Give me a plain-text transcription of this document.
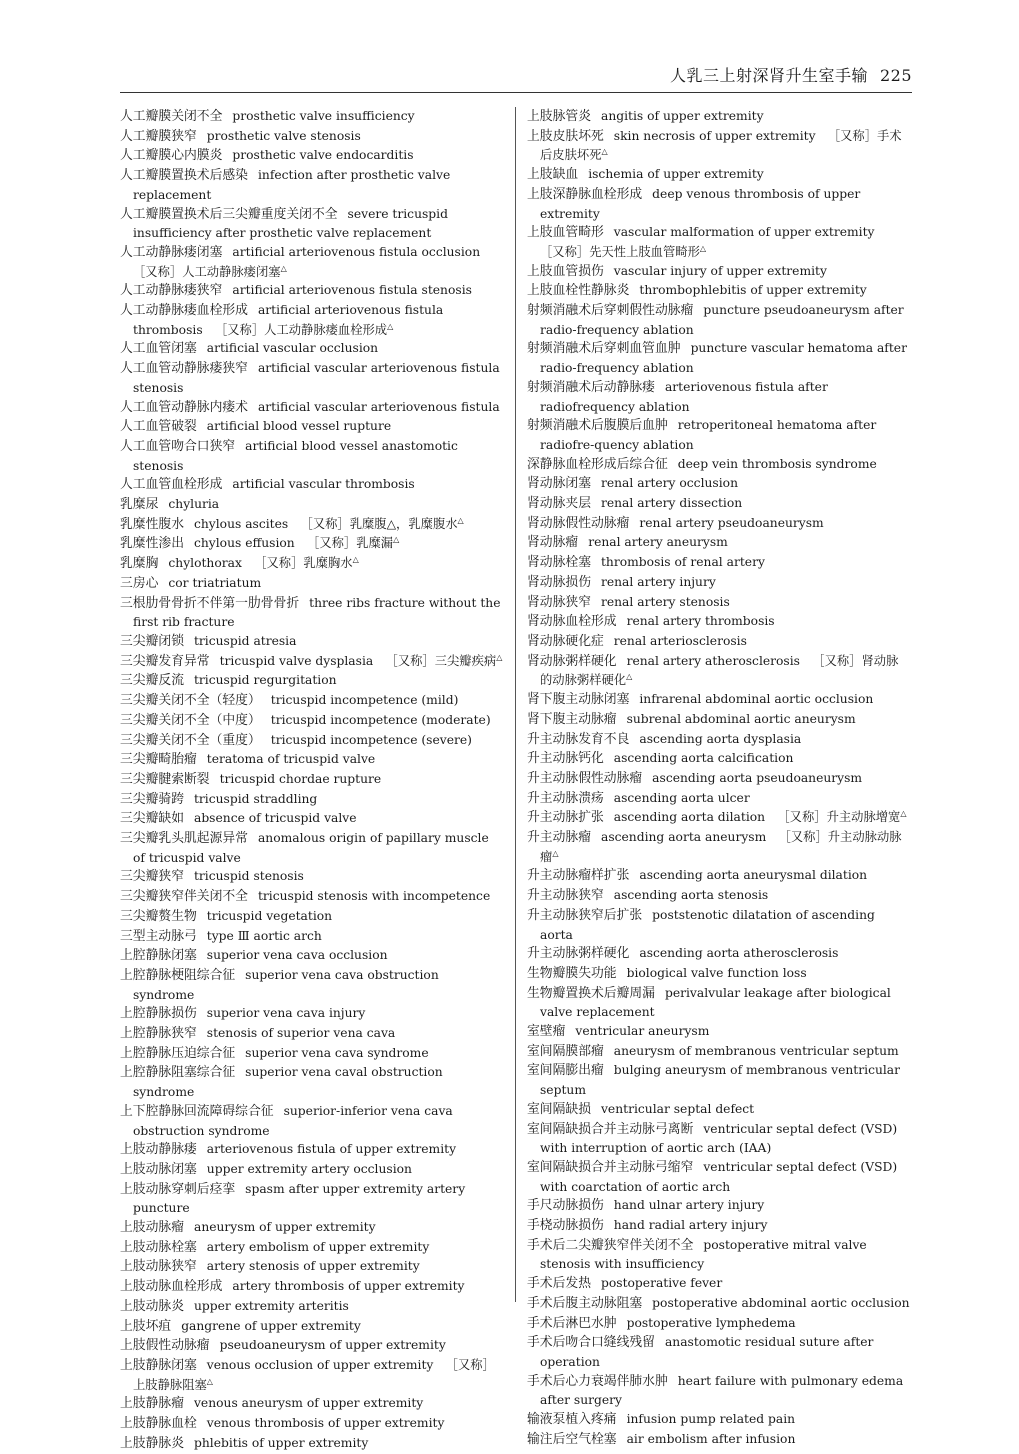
人乳三上射深肾升生室手输 225

人工瓣膜关闭不全 prosthetic valve insufficiency

人工瓣膜狭窄 prosthetic valve stenosis

人工瓣膜心内膜炎 prosthetic valve endocarditis

人工瓣膜置换术后感染 infection after prosthetic valve replacement

人工瓣膜置换术后三尖瓣重度关闭不全 severe tricuspid insufficiency after prosthetic valve replacement

人工动静脉瘘闭塞 artificial arteriovenous fistula occlusion ［又称］人工动静脉瘘闭塞△

人工动静脉瘘狭窄 artificial arteriovenous fistula stenosis

人工动静脉瘘血栓形成 artificial arteriovenous fistula thrombosis  ［又称］人工动静脉瘘血栓形成△

人工血管闭塞 artificial vascular occlusion

人工血管动静脉瘘狭窄 artificial vascular arteriovenous fistula stenosis

人工血管动静脉内瘘术 artificial vascular arteriovenous fistula

人工血管破裂 artificial blood vessel rupture

人工血管吻合口狭窄 artificial blood vessel anastomotic stenosis

人工血管血栓形成 artificial vascular thrombosis

乳糜尿 chyluria

乳糜性腹水 chylous ascites  ［又称］乳糜腹△，乳糜腹水△

乳糜性渗出 chylous effusion  ［又称］乳糜漏△

乳糜胸 chylothorax  ［又称］乳糜胸水△

三房心 cor triatriatum

三根肋骨骨折不伴第一肋骨骨折 three ribs fracture without the first rib fracture

三尖瓣闭锁 tricuspid atresia

三尖瓣发育异常 tricuspid valve dysplasia  ［又称］三尖瓣疾病△

三尖瓣反流 tricuspid regurgitation

三尖瓣关闭不全（轻度） tricuspid incompetence (mild)

三尖瓣关闭不全（中度） tricuspid incompetence (moderate)

三尖瓣关闭不全（重度） tricuspid incompetence (severe)

三尖瓣畸胎瘤 teratoma of tricuspid valve

三尖瓣腱索断裂 tricuspid chordae rupture

三尖瓣骑跨 tricuspid straddling

三尖瓣缺如 absence of tricuspid valve

三尖瓣乳头肌起源异常 anomalous origin of papillary muscle of tricuspid valve

三尖瓣狭窄 tricuspid stenosis

三尖瓣狭窄伴关闭不全 tricuspid stenosis with incompetence

三尖瓣赘生物 tricuspid vegetation

三型主动脉弓 type Ⅲ aortic arch

上腔静脉闭塞 superior vena cava occlusion

上腔静脉梗阻综合征 superior vena cava obstruction syndrome

上腔静脉损伤 superior vena cava injury

上腔静脉狭窄 stenosis of superior vena cava

上腔静脉压迫综合征 superior vena cava syndrome

上腔静脉阻塞综合征 superior vena caval obstruction syndrome

上下腔静脉回流障碍综合征 superior-inferior vena cava obstruction syndrome

上肢动静脉瘘 arteriovenous fistula of upper extremity

上肢动脉闭塞 upper extremity artery occlusion

上肢动脉穿刺后痉挛 spasm after upper extremity artery puncture

上肢动脉瘤 aneurysm of upper extremity

上肢动脉栓塞 artery embolism of upper extremity

上肢动脉狭窄 artery stenosis of upper extremity

上肢动脉血栓形成 artery thrombosis of upper extremity

上肢动脉炎 upper extremity arteritis

上肢坏疽 gangrene of upper extremity

上肢假性动脉瘤 pseudoaneurysm of upper extremity

上肢静脉闭塞 venous occlusion of upper extremity  ［又称］上肢静脉阻塞△

上肢静脉瘤 venous aneurysm of upper extremity

上肢静脉血栓 venous thrombosis of upper extremity

上肢静脉炎 phlebitis of upper extremity

上肢脉管炎 angitis of upper extremity

上肢皮肤坏死 skin necrosis of upper extremity  ［又称］手术后皮肤坏死△

上肢缺血 ischemia of upper extremity

上肢深静脉血栓形成 deep venous thrombosis of upper extremity

上肢血管畸形 vascular malformation of upper extremity ［又称］先天性上肢血管畸形△

上肢血管损伤 vascular injury of upper extremity

上肢血栓性静脉炎 thrombophlebitis of upper extremity

射频消融术后穿刺假性动脉瘤 puncture pseudoaneurysm after radio-frequency ablation

射频消融术后穿刺血管血肿 puncture vascular hematoma after radio-frequency ablation

射频消融术后动静脉瘘 arteriovenous fistula after radiofrequency ablation

射频消融术后腹膜后血肿 retroperitoneal hematoma after radiofre-quency ablation

深静脉血栓形成后综合征 deep vein thrombosis syndrome

肾动脉闭塞 renal artery occlusion

肾动脉夹层 renal artery dissection

肾动脉假性动脉瘤 renal artery pseudoaneurysm

肾动脉瘤 renal artery aneurysm

肾动脉栓塞 thrombosis of renal artery

肾动脉损伤 renal artery injury

肾动脉狭窄 renal artery stenosis

肾动脉血栓形成 renal artery thrombosis

肾动脉硬化症 renal arteriosclerosis

肾动脉粥样硬化 renal artery atherosclerosis  ［又称］肾动脉的动脉粥样硬化△

肾下腹主动脉闭塞 infrarenal abdominal aortic occlusion

肾下腹主动脉瘤 subrenal abdominal aortic aneurysm

升主动脉发育不良 ascending aorta dysplasia

升主动脉钙化 ascending aorta calcification

升主动脉假性动脉瘤 ascending aorta pseudoaneurysm

升主动脉溃疡 ascending aorta ulcer

升主动脉扩张 ascending aorta dilation  ［又称］升主动脉增宽△

升主动脉瘤 ascending aorta aneurysm  ［又称］升主动脉动脉瘤△

升主动脉瘤样扩张 ascending aorta aneurysmal dilation

升主动脉狭窄 ascending aorta stenosis

升主动脉狭窄后扩张 poststenotic dilatation of ascending aorta

升主动脉粥样硬化 ascending aorta atherosclerosis

生物瓣膜失功能 biological valve function loss

生物瓣置换术后瓣周漏 perivalvular leakage after biological valve replacement

室壁瘤 ventricular aneurysm

室间隔膜部瘤 aneurysm of membranous ventricular septum

室间隔膨出瘤 bulging aneurysm of membranous ventricular septum

室间隔缺损 ventricular septal defect

室间隔缺损合并主动脉弓离断 ventricular septal defect (VSD) with interruption of aortic arch (IAA)

室间隔缺损合并主动脉弓缩窄 ventricular septal defect (VSD) with coarctation of aortic arch

手尺动脉损伤 hand ulnar artery injury

手桡动脉损伤 hand radial artery injury

手术后二尖瓣狭窄伴关闭不全 postoperative mitral valve stenosis with insufficiency

手术后发热 postoperative fever

手术后腹主动脉阻塞 postoperative abdominal aortic occlusion

手术后淋巴水肿 postoperative lymphedema

手术后吻合口缝线残留 anastomotic residual suture after operation

手术后心力衰竭伴肺水肿 heart failure with pulmonary edema after surgery

输液泵植入疼痛 infusion pump related pain

输注后空气栓塞 air embolism after infusion
